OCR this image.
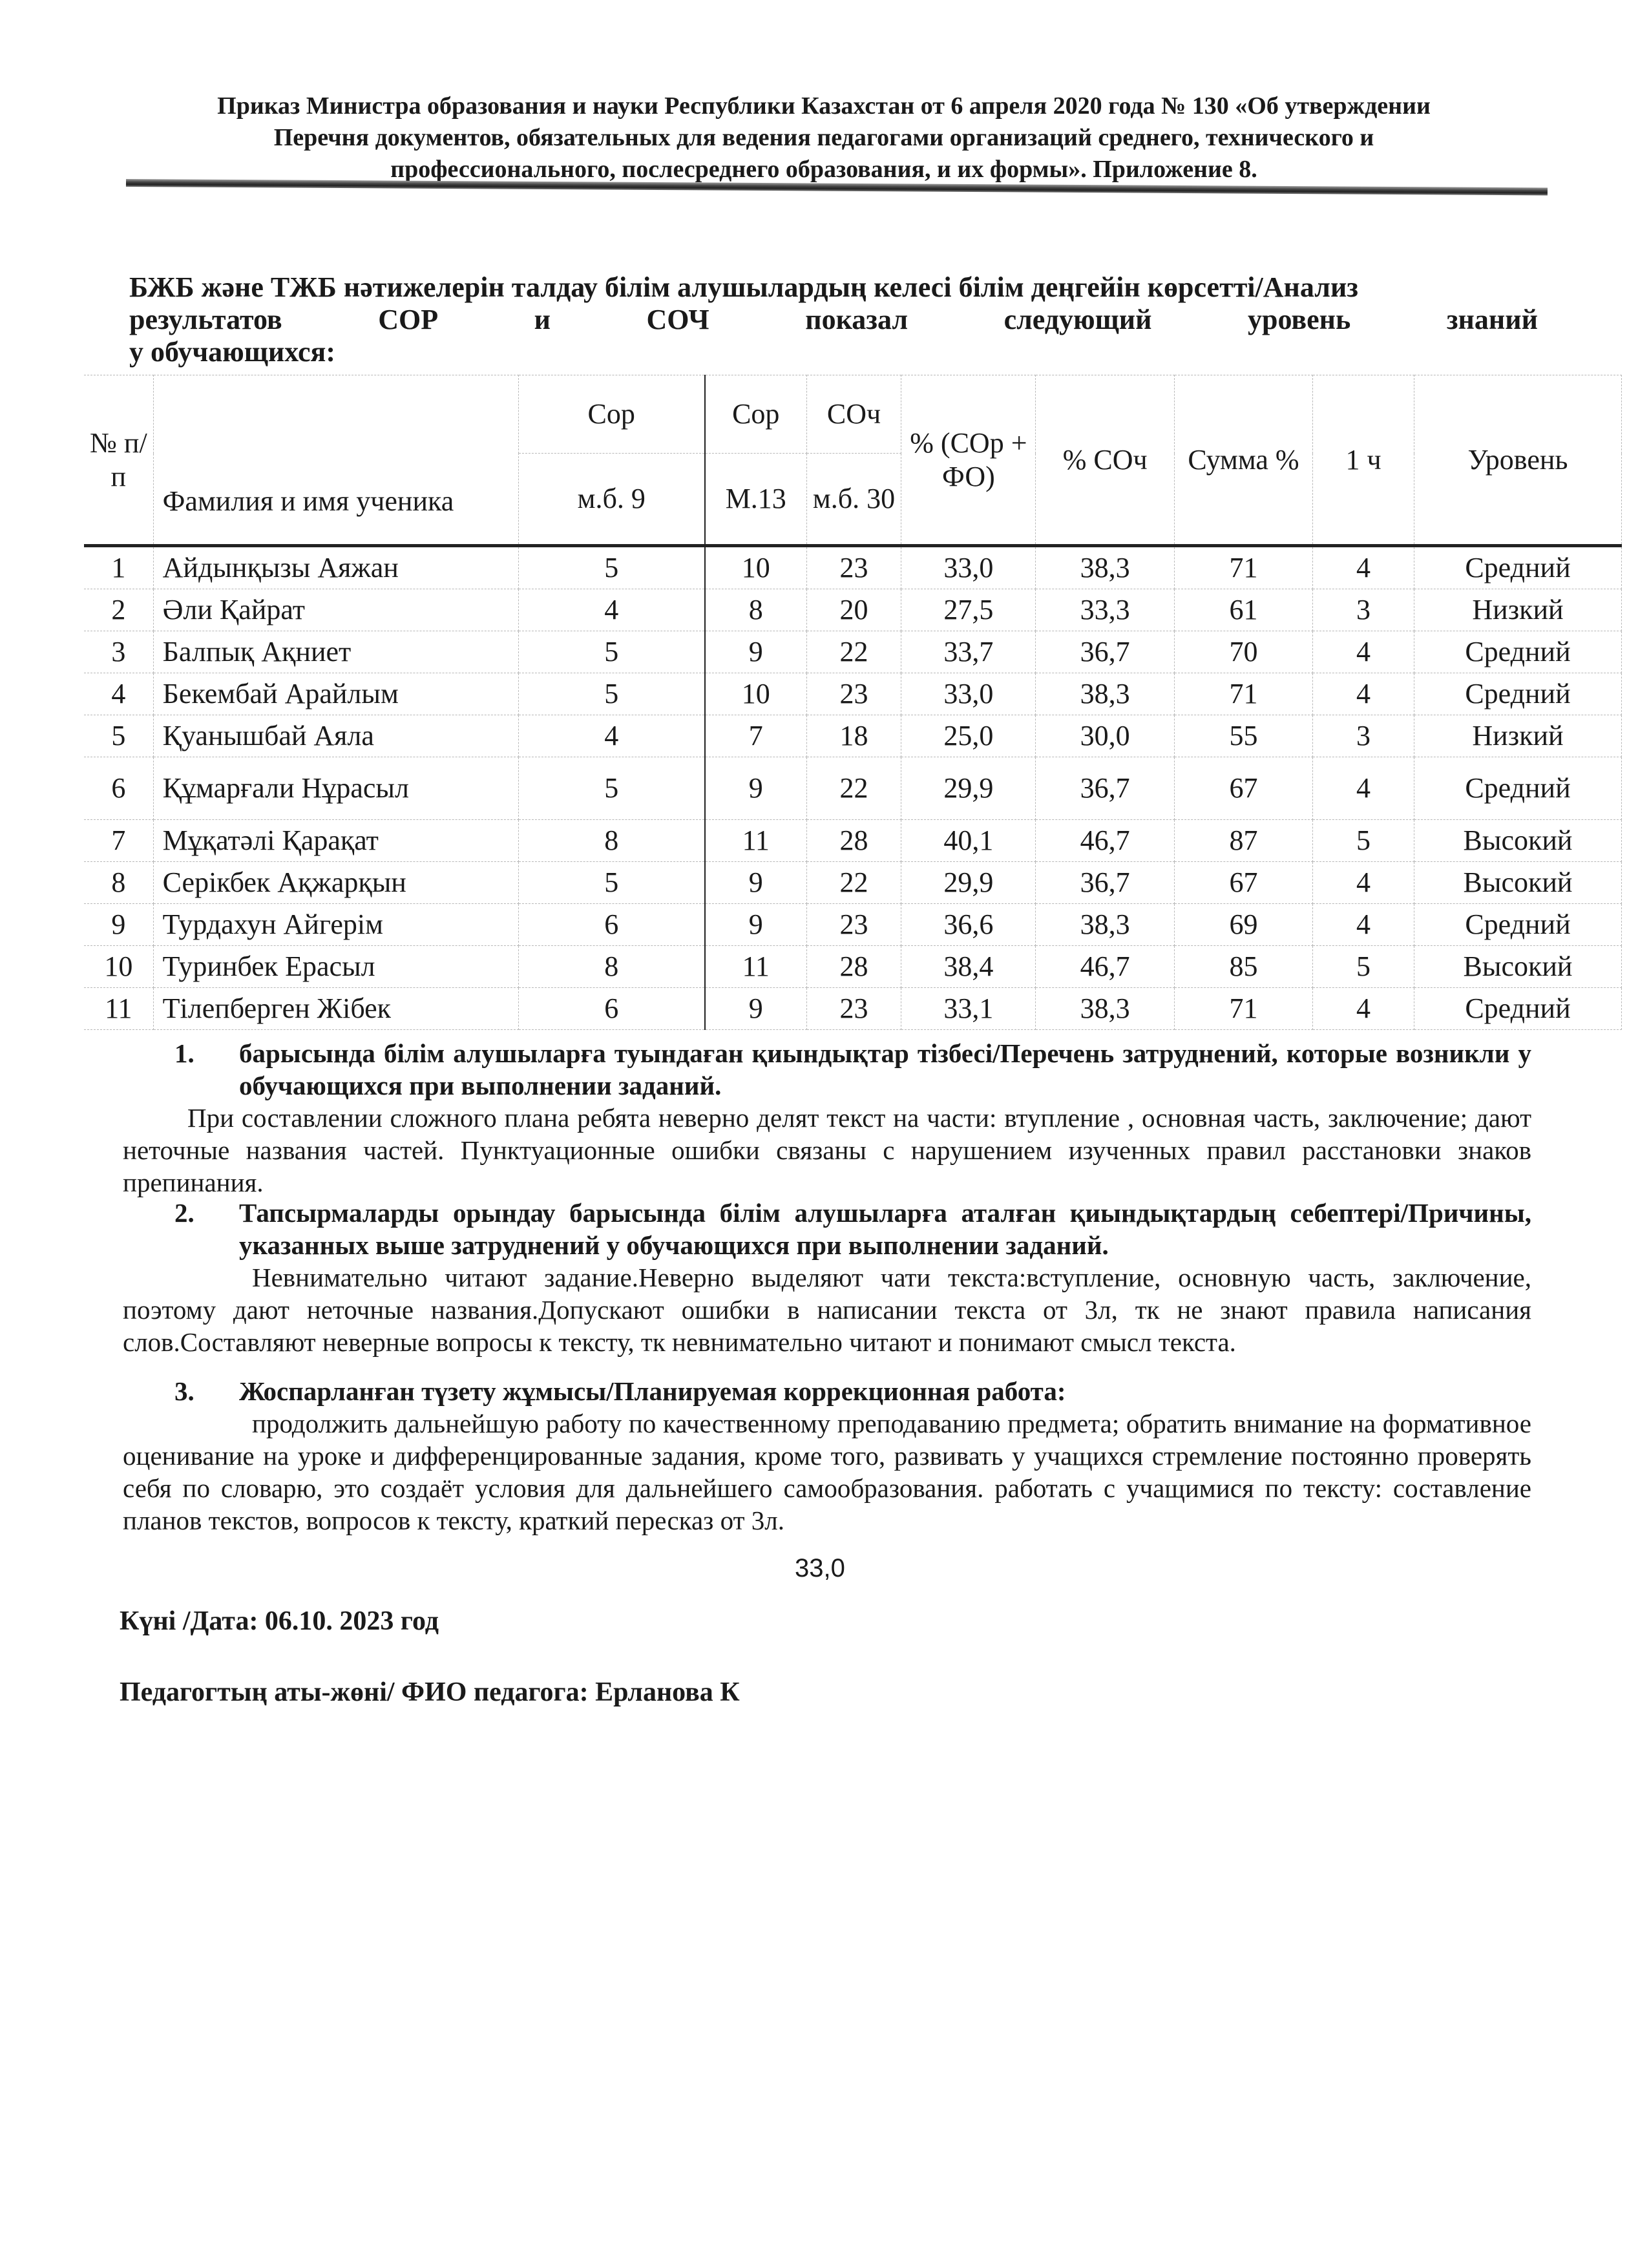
Приказ Министра образования и науки Республики Казахстан от 6 апреля 2020 года № 130 «Об утверждении
Перечня документов, обязательных для ведения педагогами организаций среднего, технического и
профессионального, послесреднего образования, и их формы». Приложение 8.
БЖБ және ТЖБ нәтижелерін талдау білім алушылардың келесі білім деңгейін көрсетті/Анализ
результатов	СОР	и	СОЧ	показал	следующий	уровень	знаний
у обучающихся:
№ п/п	Фамилия и имя ученика	Сор	Сор	СОч	% (СОр + ФО)	% СОч	Сумма %	1 ч	Уровень
		м.б. 9	М.13	м.б. 30					
1	Айдынқызы Аяжан	5	10	23	33,0	38,3	71	4	Средний
2	Әли Қайрат	4	8	20	27,5	33,3	61	3	Низкий
3	Балпық Ақниет	5	9	22	33,7	36,7	70	4	Средний
4	Бекембай Арайлым	5	10	23	33,0	38,3	71	4	Средний
5	Қуанышбай Аяла	4	7	18	25,0	30,0	55	3	Низкий
6	Құмарғали Нұрасыл	5	9	22	29,9	36,7	67	4	Средний
7	Мұқатәлі Қарақат	8	11	28	40,1	46,7	87	5	Высокий
8	Серікбек Ақжарқын	5	9	22	29,9	36,7	67	4	Высокий
9	Турдахун Айгерім	6	9	23	36,6	38,3	69	4	Средний
10	Туринбек Ерасыл	8	11	28	38,4	46,7	85	5	Высокий
11	Тілепберген Жібек	6	9	23	33,1	38,3	71	4	Средний
1.	барысында білім алушыларға туындаған қиындықтар тізбесі/Перечень затруднений, которые возникли у обучающихся при выполнении заданий.

При составлении сложного плана ребята неверно делят текст на части: втупление , основная часть, заключение; дают неточные названия частей. Пунктуационные ошибки связаны с нарушением изученных правил расстановки знаков препинания.

2.	Тапсырмаларды орындау барысында білім алушыларға аталған қиындықтардың себептері/Причины, указанных выше затруднений у обучающихся при выполнении заданий.

Невнимательно читают задание.Неверно выделяют чати текста:вступление, основную часть, заключение, поэтому дают неточные названия.Допускают ошибки в написании текста от 3л, тк не знают правила написания слов.Составляют неверные вопросы к тексту, тк невнимательно читают и понимают смысл текста.

3.	Жоспарланған түзету жұмысы/Планируемая коррекционная работа:

продолжить дальнейшую работу по качественному преподаванию предмета; обратить внимание на формативное оценивание на уроке и дифференцированные задания, кроме того, развивать у учащихся стремление постоянно проверять себя по словарю, это создаёт условия для дальнейшего самообразования. работать с учащимися по тексту: составление планов текстов, вопросов к тексту, краткий пересказ от 3л.

33,0
Күні /Дата: 06.10. 2023 год
Педагогтың аты-жөні/ ФИО педагога: Ерланова К
